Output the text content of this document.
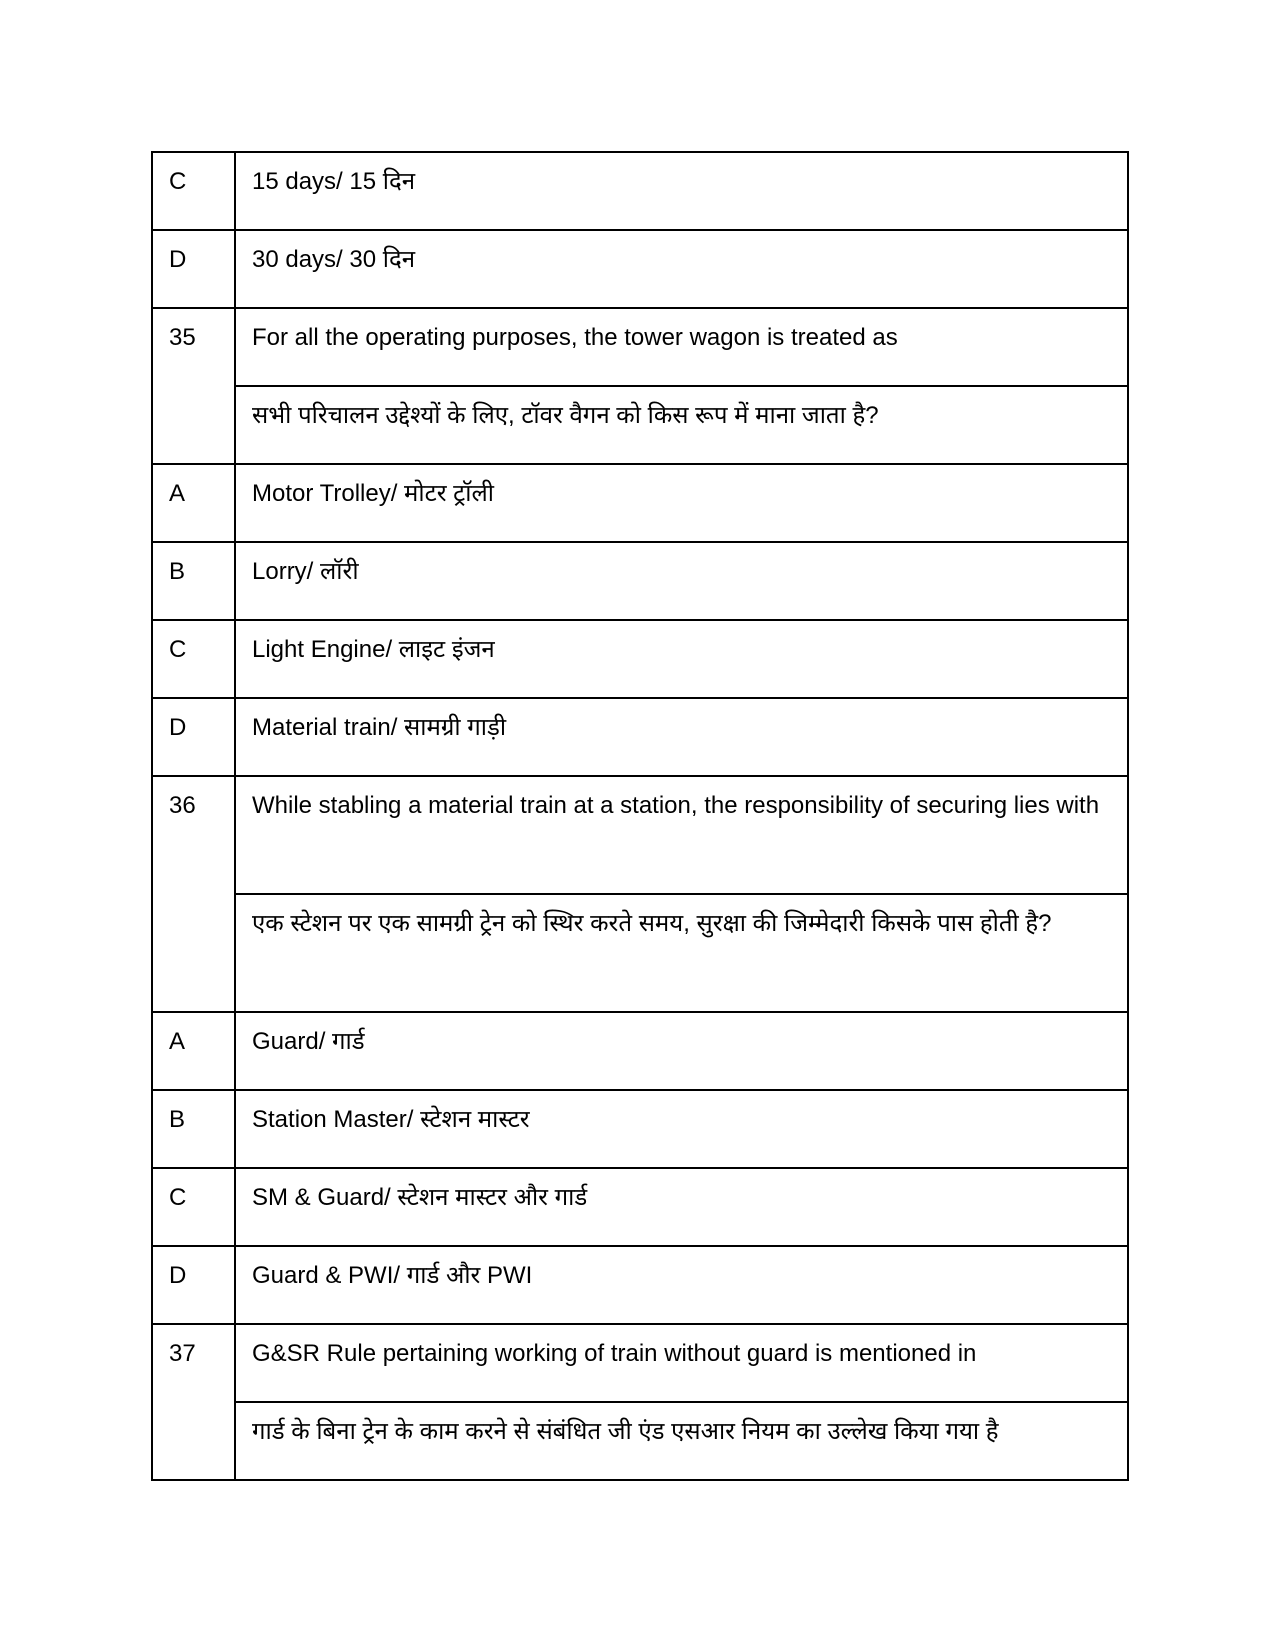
C	15 days/ 15 दिन
D	30 days/ 30 दिन
35	For all the operating purposes, the tower wagon is treated as
	सभी परिचालन उद्देश्यों के लिए, टॉवर वैगन को किस रूप में माना जाता है?
A	Motor Trolley/ मोटर ट्रॉली
B	Lorry/ लॉरी
C	Light Engine/ लाइट इंजन
D	Material train/ सामग्री गाड़ी
36	While stabling a material train at a station, the responsibility of securing lies with
	एक स्टेशन पर एक सामग्री ट्रेन को स्थिर करते समय, सुरक्षा की जिम्मेदारी किसके पास होती है?
A	Guard/ गार्ड
B	Station Master/ स्टेशन मास्टर
C	SM & Guard/ स्टेशन मास्टर और गार्ड
D	Guard & PWI/ गार्ड और PWI
37	G&SR Rule pertaining working of train without guard is mentioned in
	गार्ड के बिना ट्रेन के काम करने से संबंधित जी एंड एसआर नियम का उल्लेख किया गया है
